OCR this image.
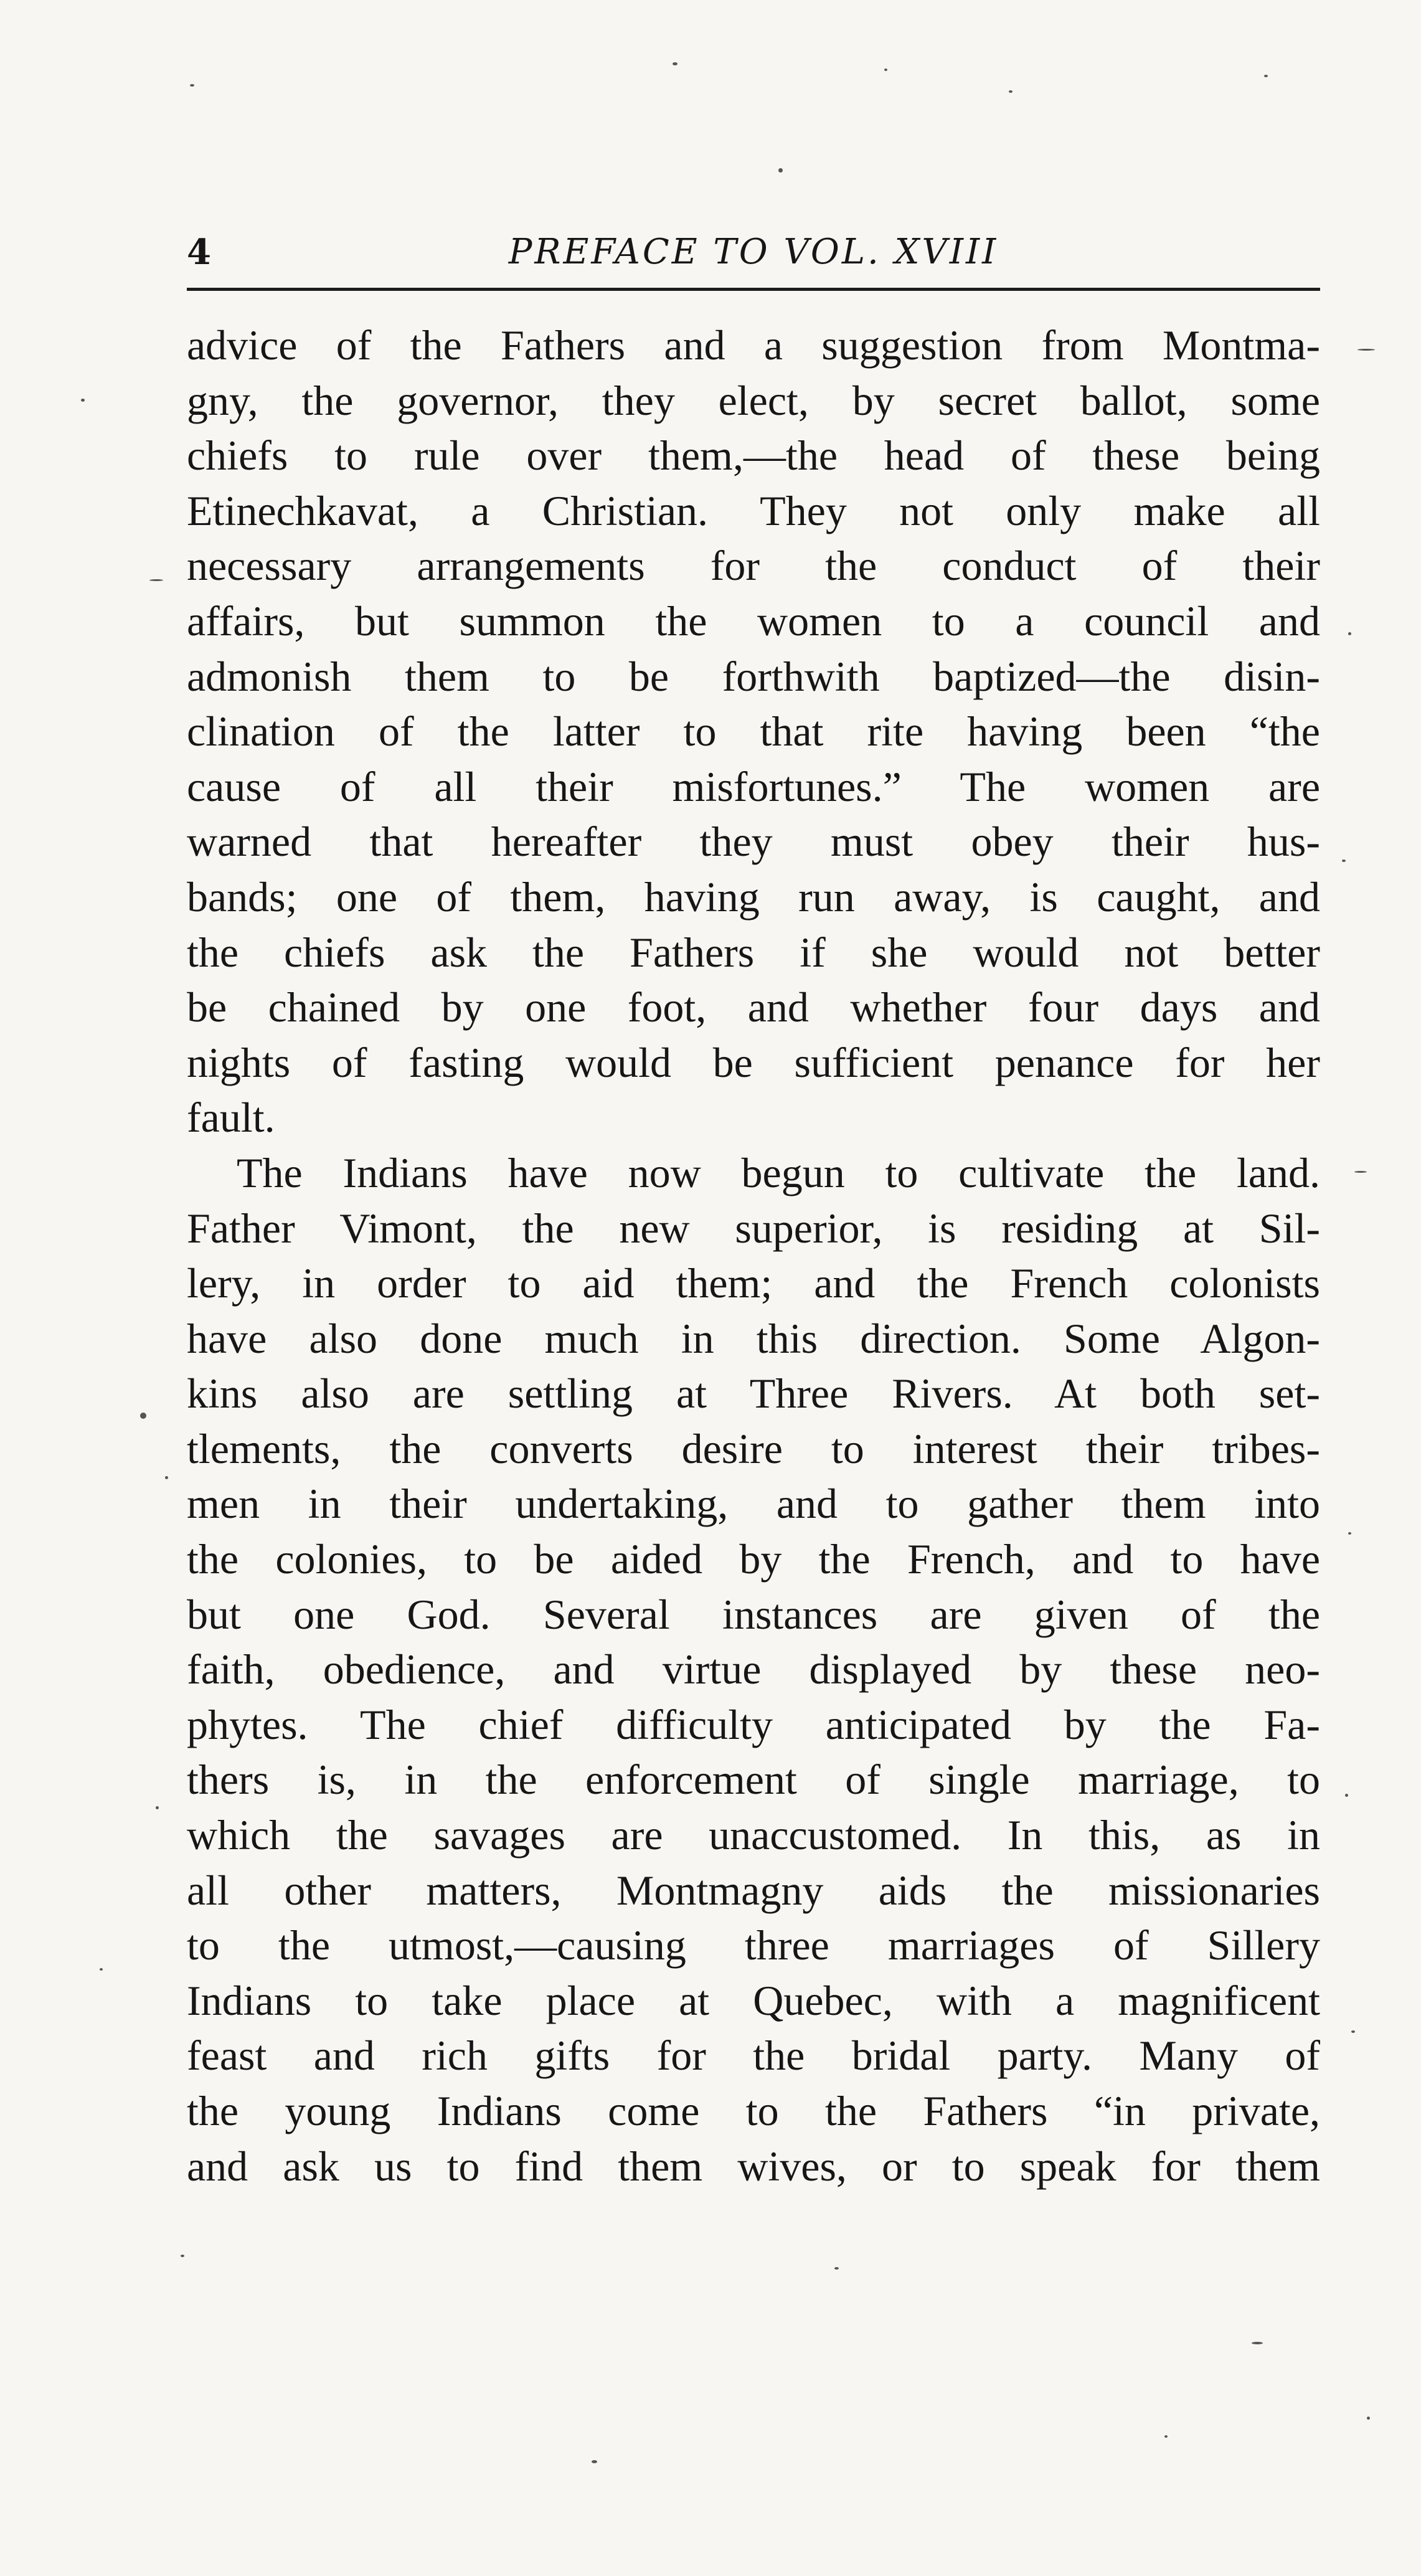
4	PREFACE TO VOL. XVIII
advice of the Fathers and a suggestion from Montma-
gny, the governor, they elect, by secret ballot, some
chiefs to rule over them,—the head of these being
Etinechkavat, a Christian. They not only make all
necessary arrangements for the conduct of their
affairs, but summon the women to a council and
admonish them to be forthwith baptized—the disin-
clination of the latter to that rite having been “the
cause of all their misfortunes.” The women are
warned that hereafter they must obey their hus-
bands; one of them, having run away, is caught, and
the chiefs ask the Fathers if she would not better
be chained by one foot, and whether four days and
nights of fasting would be sufficient penance for her
fault.
The Indians have now begun to cultivate the land.
Father Vimont, the new superior, is residing at Sil-
lery, in order to aid them; and the French colonists
have also done much in this direction. Some Algon-
kins also are settling at Three Rivers. At both set-
tlements, the converts desire to interest their tribes-
men in their undertaking, and to gather them into
the colonies, to be aided by the French, and to have
but one God. Several instances are given of the
faith, obedience, and virtue displayed by these neo-
phytes. The chief difficulty anticipated by the Fa-
thers is, in the enforcement of single marriage, to
which the savages are unaccustomed. In this, as in
all other matters, Montmagny aids the missionaries
to the utmost,—causing three marriages of Sillery
Indians to take place at Quebec, with a magnificent
feast and rich gifts for the bridal party. Many of
the young Indians come to the Fathers “in private,
and ask us to find them wives, or to speak for them
